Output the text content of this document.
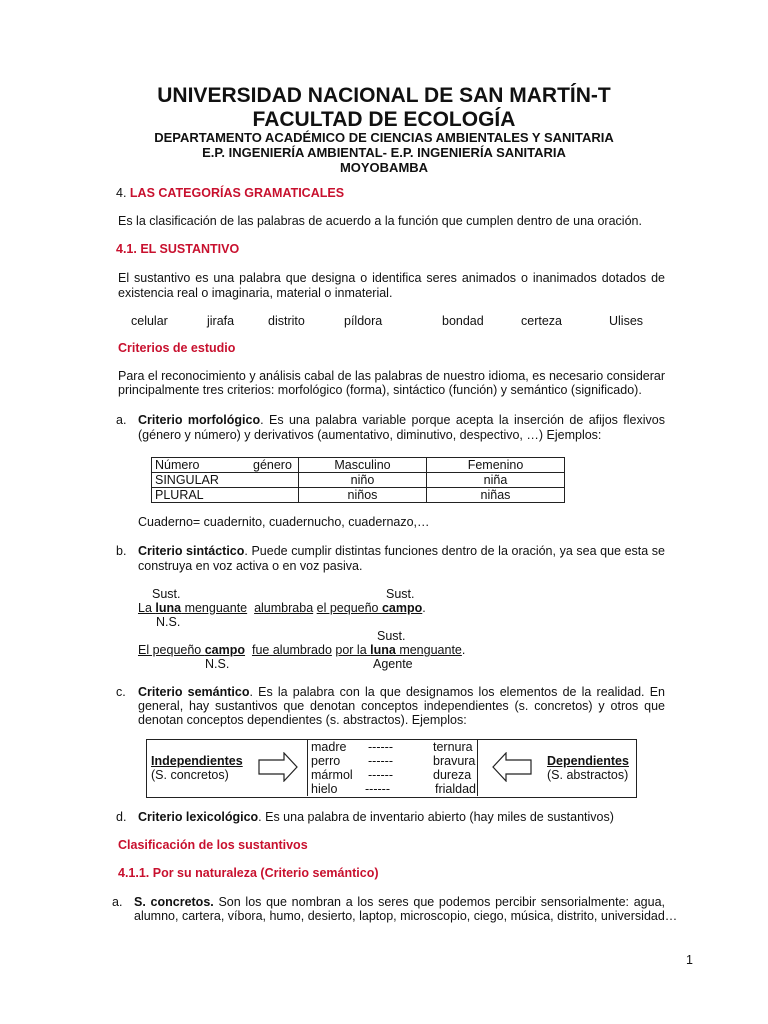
UNIVERSIDAD NACIONAL DE SAN MARTÍN-T
FACULTAD DE ECOLOGÍA
DEPARTAMENTO ACADÉMICO DE CIENCIAS AMBIENTALES Y SANITARIA
E.P. INGENIERÍA AMBIENTAL- E.P. INGENIERÍA SANITARIA
MOYOBAMBA
4. LAS CATEGORÍAS GRAMATICALES
Es la clasificación de las palabras de acuerdo a la función que cumplen dentro de una oración.
4.1. EL SUSTANTIVO
El sustantivo es una palabra que designa o identifica seres animados o inanimados dotados de
existencia real o imaginaria, material o inmaterial.
celular	jirafa	distrito	píldora	bondad	certeza	Ulises
Criterios de estudio
Para el reconocimiento y análisis cabal de las palabras de nuestro idioma, es necesario considerar
principalmente tres criterios: morfológico (forma), sintáctico (función) y semántico (significado).
a. Criterio morfológico. Es una palabra variable porque acepta la inserción de afijos flexivos
(género y número) y derivativos (aumentativo, diminutivo, despectivo, …) Ejemplos:
Número género	Masculino	Femenino
SINGULAR	niño	niña
PLURAL	niños	niñas
Cuaderno= cuadernito, cuadernucho, cuadernazo,…
b. Criterio sintáctico. Puede cumplir distintas funciones dentro de la oración, ya sea que esta se
construya en voz activa o en voz pasiva.
Sust.	Sust.
La luna menguante alumbraba el pequeño campo.
N.S.
Sust.
El pequeño campo fue alumbrado por la luna menguante.
N.S.	Agente
c. Criterio semántico. Es la palabra con la que designamos los elementos de la realidad. En
general, hay sustantivos que denotan conceptos independientes (s. concretos) y otros que
denotan conceptos dependientes (s. abstractos). Ejemplos:
Independientes
(S. concretos)
Dependientes
(S. abstractos)
madre ------	ternura
perro ------	bravura
mármol ------	dureza
hielo ------	frialdad
d. Criterio lexicológico. Es una palabra de inventario abierto (hay miles de sustantivos)
Clasificación de los sustantivos
4.1.1. Por su naturaleza (Criterio semántico)
a. S. concretos. Son los que nombran a los seres que podemos percibir sensorialmente: agua,
alumno, cartera, víbora, humo, desierto, laptop, microscopio, ciego, música, distrito, universidad…
1
